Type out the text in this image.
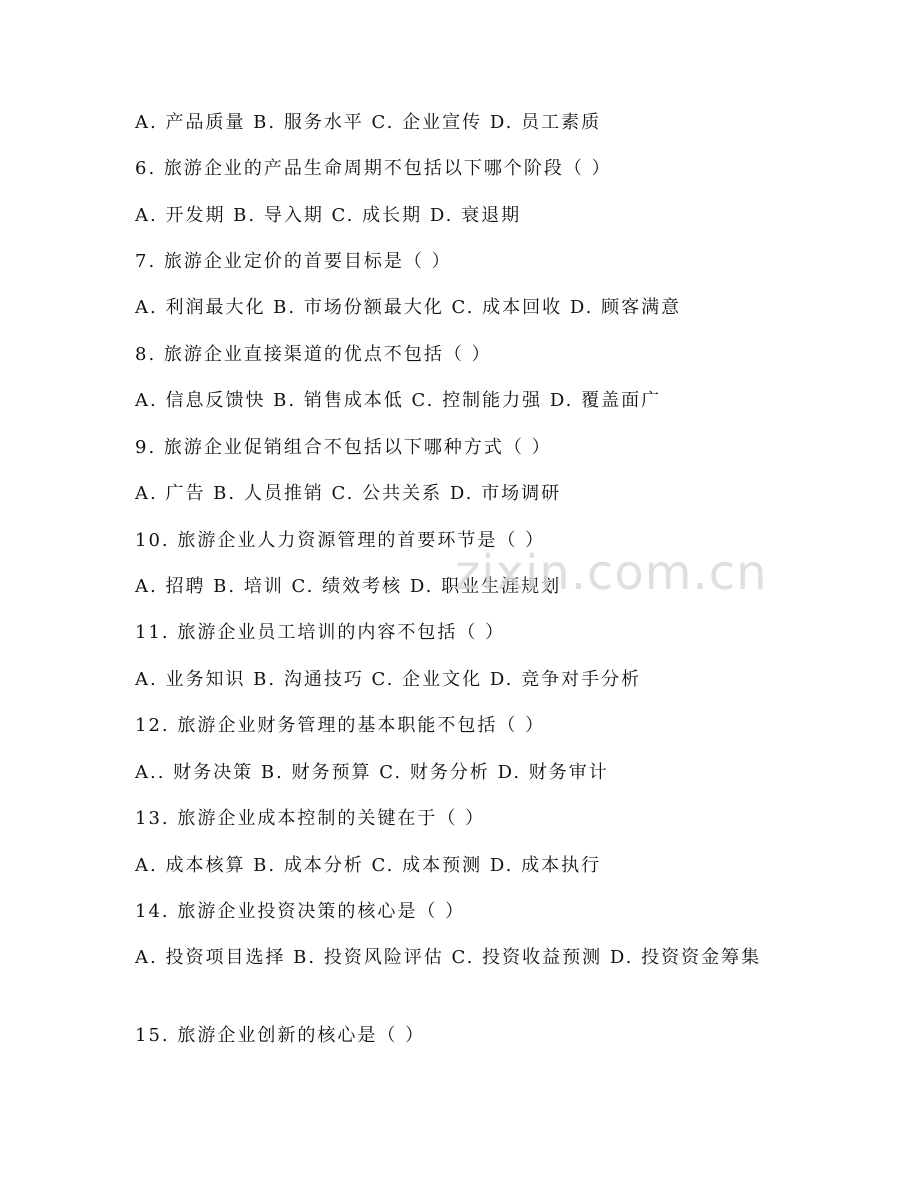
A. 产品质量 B. 服务水平 C. 企业宣传 D. 员工素质
6. 旅游企业的产品生命周期不包括以下哪个阶段（ ）
A. 开发期 B. 导入期 C. 成长期 D. 衰退期
7. 旅游企业定价的首要目标是（ ）
A. 利润最大化 B. 市场份额最大化 C. 成本回收 D. 顾客满意
8. 旅游企业直接渠道的优点不包括（ ）
A. 信息反馈快 B. 销售成本低 C. 控制能力强 D. 覆盖面广
9. 旅游企业促销组合不包括以下哪种方式（ ）
A. 广告 B. 人员推销 C. 公共关系 D. 市场调研
10. 旅游企业人力资源管理的首要环节是（ ）
A. 招聘 B. 培训 C. 绩效考核 D. 职业生涯规划
11. 旅游企业员工培训的内容不包括（ ）
A. 业务知识 B. 沟通技巧 C. 企业文化 D. 竞争对手分析
12. 旅游企业财务管理的基本职能不包括（ ）
A.. 财务决策 B. 财务预算 C. 财务分析 D. 财务审计
13. 旅游企业成本控制的关键在于（ ）
A. 成本核算 B. 成本分析 C. 成本预测 D. 成本执行
14. 旅游企业投资决策的核心是（ ）
A. 投资项目选择 B. 投资风险评估 C. 投资收益预测 D. 投资资金筹集
15. 旅游企业创新的核心是（ ）
zixin.com.cn
